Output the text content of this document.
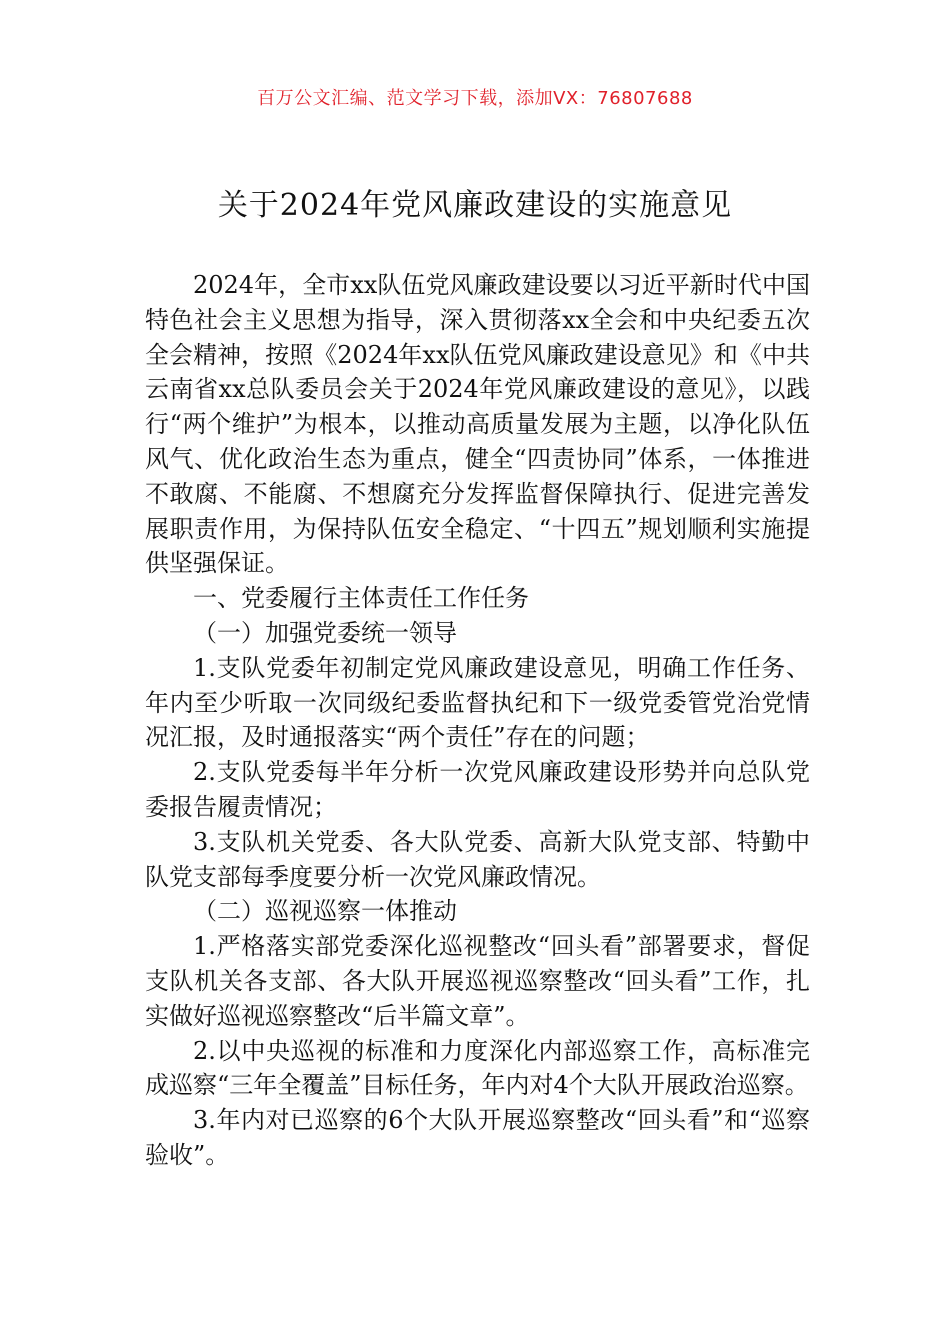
百万公文汇编、范文学习下载，添加VX：76807688
关于2024年党风廉政建设的实施意见

2024年，全市xx队伍党风廉政建设要以习近平新时代中国特色社会主义思想为指导，深入贯彻落xx全会和中央纪委五次全会精神，按照《2024年xx队伍党风廉政建设意见》和《中共云南省xx总队委员会关于2024年党风廉政建设的意见》，以践行“两个维护”为根本，以推动高质量发展为主题，以净化队伍风气、优化政治生态为重点，健全“四责协同”体系，一体推进不敢腐、不能腐、不想腐充分发挥监督保障执行、促进完善发展职责作用，为保持队伍安全稳定、“十四五”规划顺利实施提供坚强保证。

一、党委履行主体责任工作任务

（一）加强党委统一领导

1.支队党委年初制定党风廉政建设意见，明确工作任务、年内至少听取一次同级纪委监督执纪和下一级党委管党治党情况汇报，及时通报落实“两个责任”存在的问题；

2.支队党委每半年分析一次党风廉政建设形势并向总队党委报告履责情况；

3.支队机关党委、各大队党委、高新大队党支部、特勤中队党支部每季度要分析一次党风廉政情况。

（二）巡视巡察一体推动

1.严格落实部党委深化巡视整改“回头看”部署要求，督促支队机关各支部、各大队开展巡视巡察整改“回头看”工作，扎实做好巡视巡察整改“后半篇文章”。

2.以中央巡视的标准和力度深化内部巡察工作，高标准完成巡察“三年全覆盖”目标任务，年内对4个大队开展政治巡察。

3.年内对已巡察的6个大队开展巡察整改“回头看”和“巡察验收”。
